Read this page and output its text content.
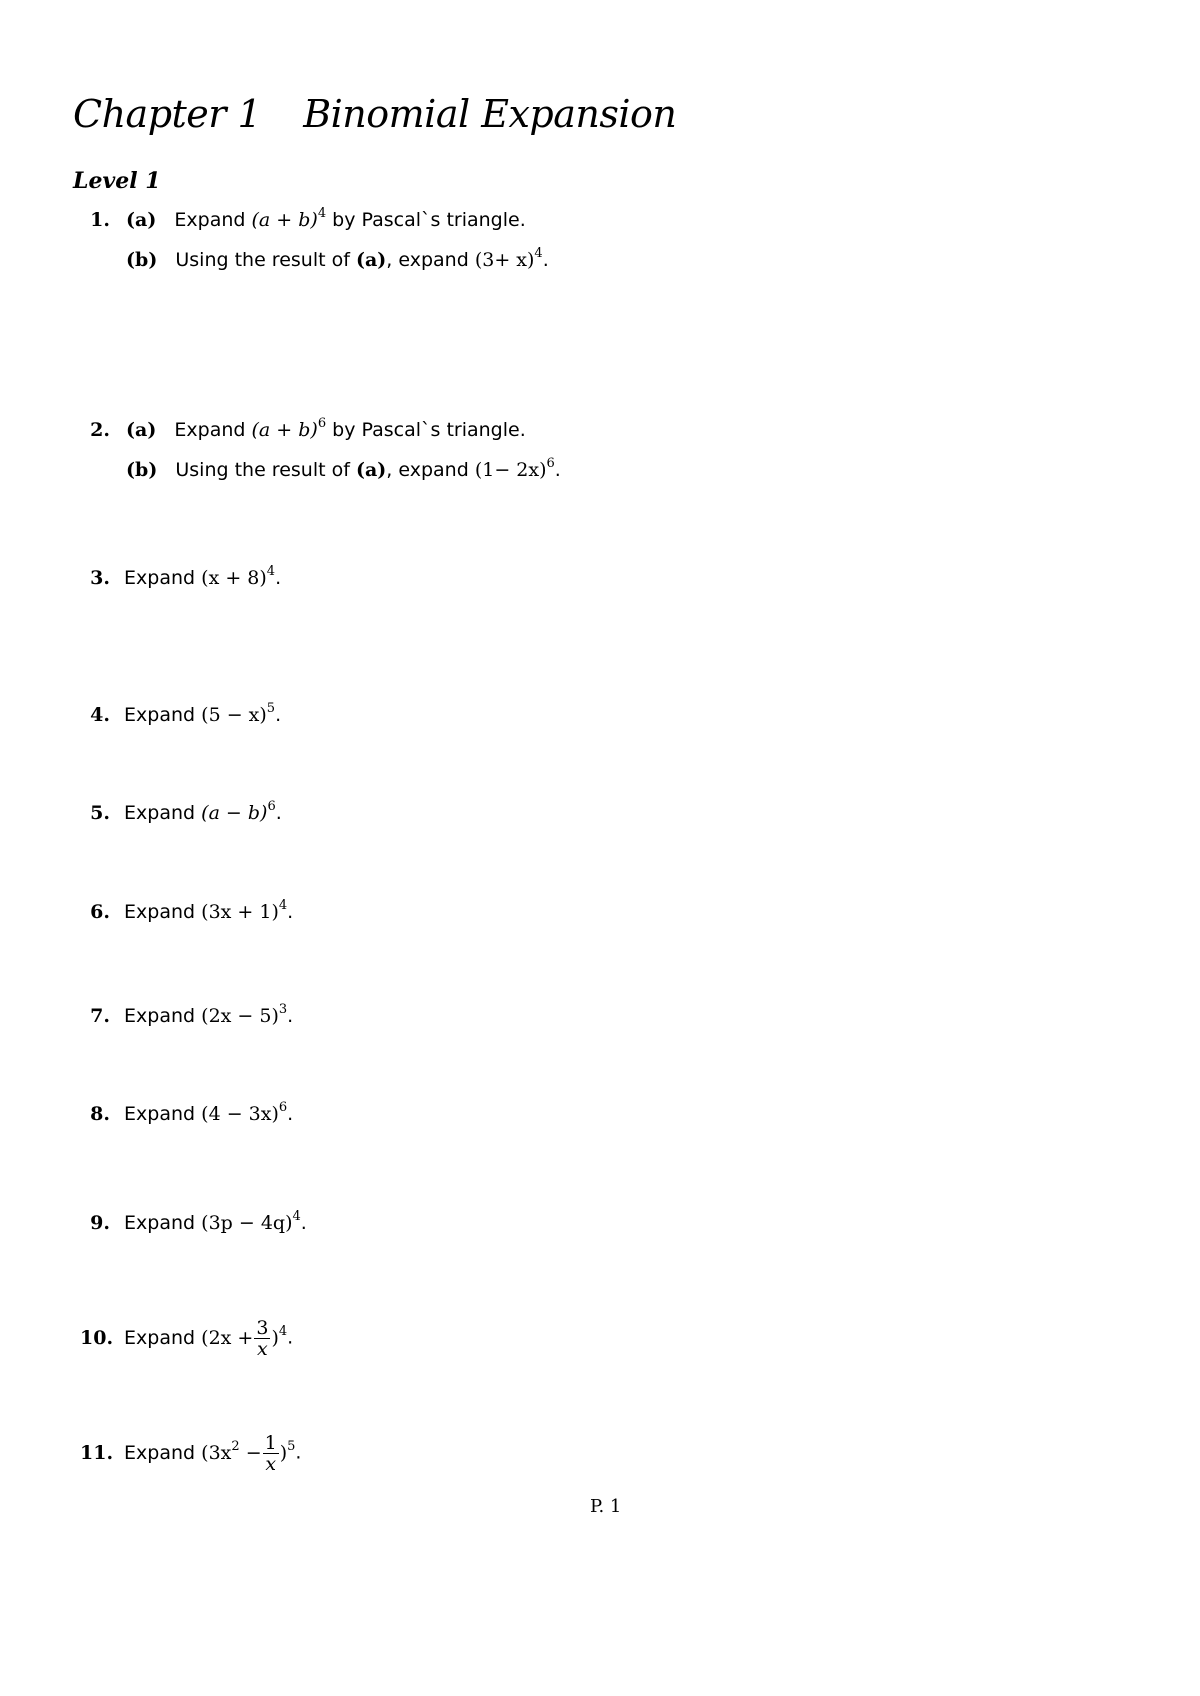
Chapter 1 Binomial Expansion
Level 1
1. (a) Expand $(a + b)^4$ by Pascal`s triangle.
(b) Using the result of (a), expand $(3+ x)^4$.
2. (a) Expand $(a + b)^6$ by Pascal`s triangle.
(b) Using the result of (a), expand $(1- 2x)^6$.
3. Expand $(x + 8)^4$.
4. Expand $(5 - x)^5$.
5. Expand $(a - b)^6$.
6. Expand $(3x + 1)^4$.
7. Expand $(2x - 5)^3$.
8. Expand $(4 - 3x)^6$.
9. Expand $(3p - 4q)^4$.
10. Expand $(2x + \frac{3}{x} )^4$.
11. Expand $(3x^2 - \frac{1}{x} )^5$.
P. 1
